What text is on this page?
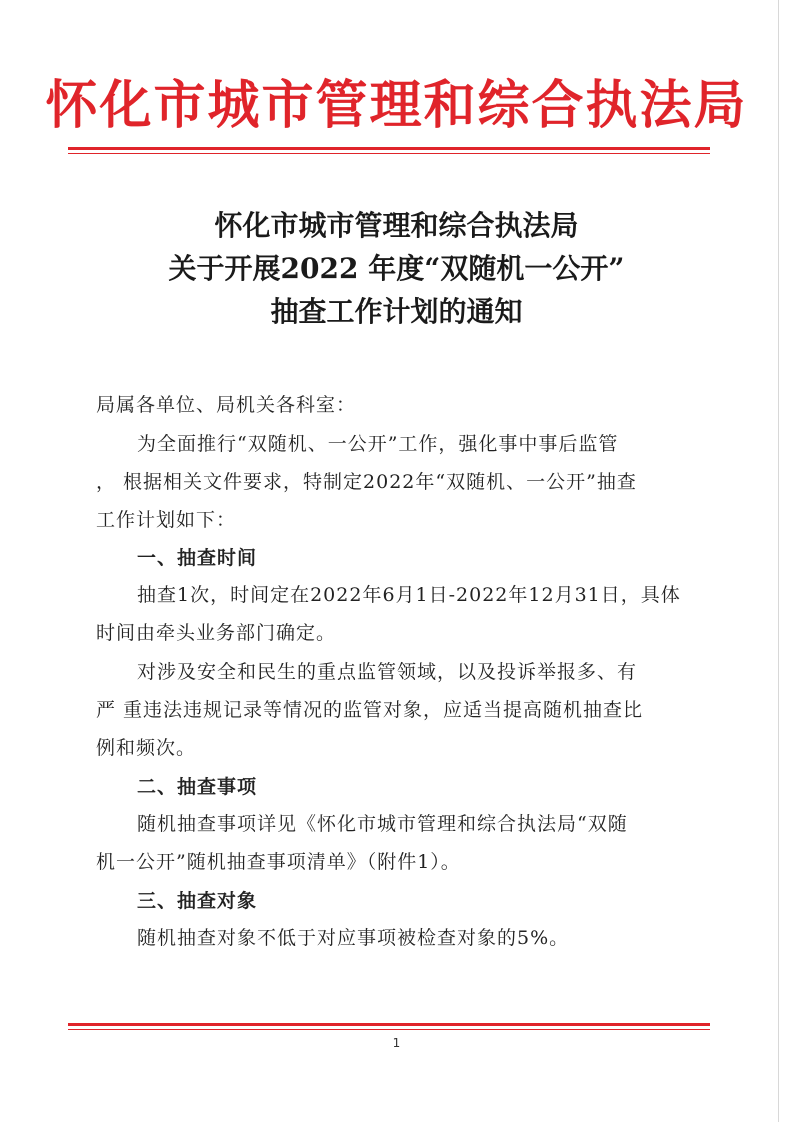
怀化市城市管理和综合执法局
怀化市城市管理和综合执法局
关于开展2022 年度“双随机一公开”
抽查工作计划的通知
局属各单位、局机关各科室：
为全面推行“双随机、一公开”工作，强化事中事后监管
， 根据相关文件要求，特制定2022年“双随机、一公开”抽查
工作计划如下：
一、抽查时间
抽查1次，时间定在2022年6月1日-2022年12月31日，具体
时间由牵头业务部门确定。
对涉及安全和民生的重点监管领域，以及投诉举报多、有
严 重违法违规记录等情况的监管对象，应适当提高随机抽查比
例和频次。
二、抽查事项
随机抽查事项详见《怀化市城市管理和综合执法局“双随
机一公开”随机抽查事项清单》（附件1）。
三、抽查对象
随机抽查对象不低于对应事项被检查对象的5%。
1
